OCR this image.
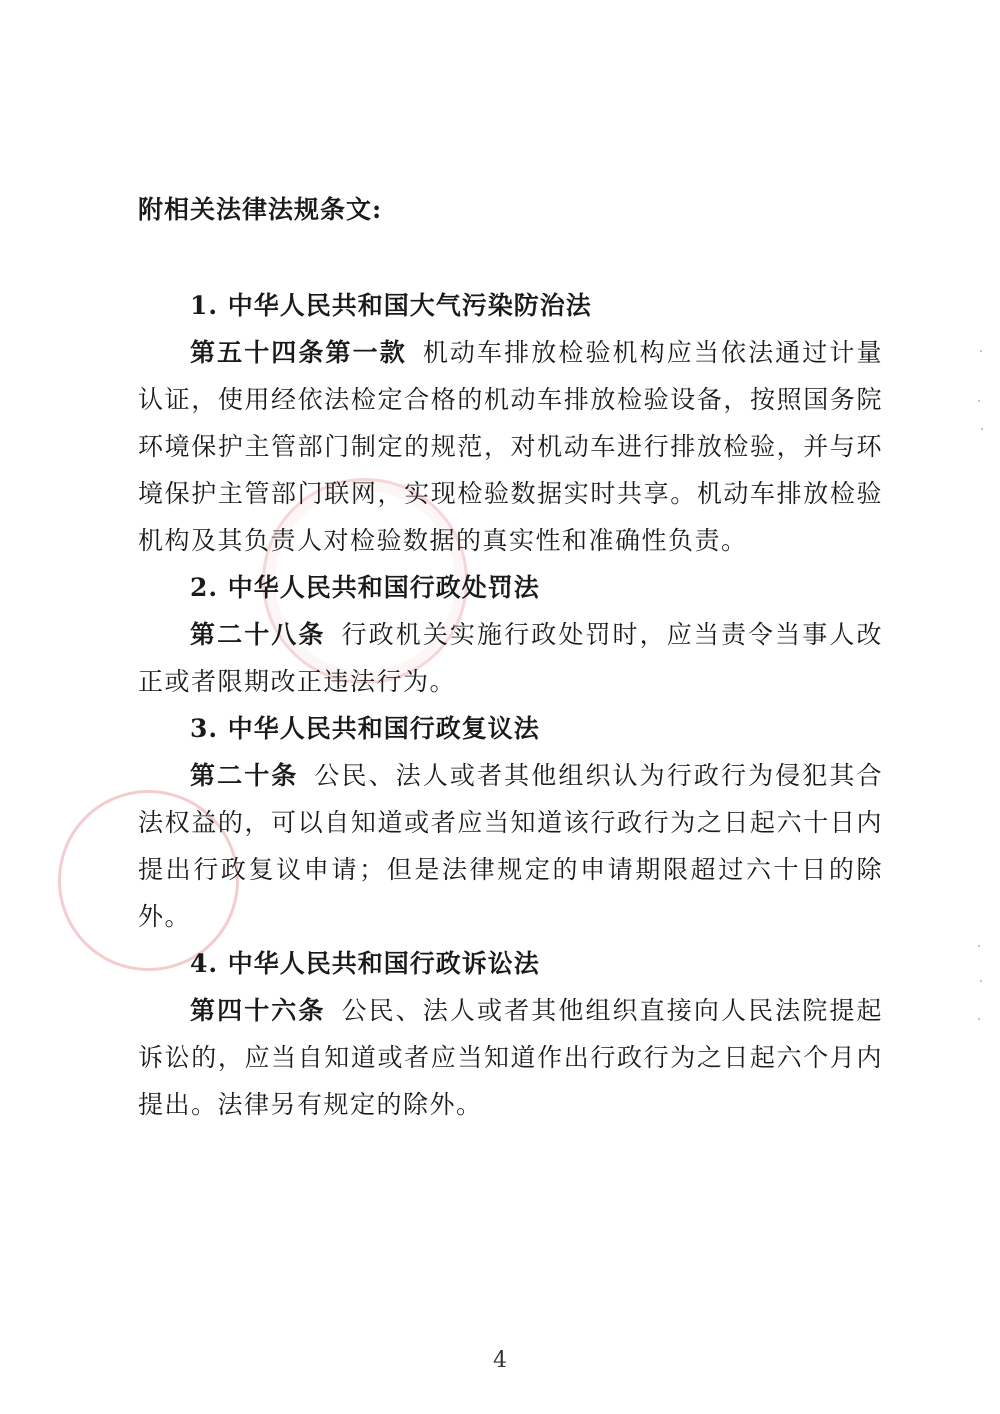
附相关法律法规条文:

1. 中华人民共和国大气污染防治法

第五十四条第一款 机动车排放检验机构应当依法通过计量认证，使用经依法检定合格的机动车排放检验设备，按照国务院环境保护主管部门制定的规范，对机动车进行排放检验，并与环境保护主管部门联网，实现检验数据实时共享。机动车排放检验机构及其负责人对检验数据的真实性和准确性负责。

2. 中华人民共和国行政处罚法

第二十八条 行政机关实施行政处罚时，应当责令当事人改正或者限期改正违法行为。

3. 中华人民共和国行政复议法

第二十条 公民、法人或者其他组织认为行政行为侵犯其合法权益的，可以自知道或者应当知道该行政行为之日起六十日内提出行政复议申请；但是法律规定的申请期限超过六十日的除外。

4. 中华人民共和国行政诉讼法

第四十六条 公民、法人或者其他组织直接向人民法院提起诉讼的，应当自知道或者应当知道作出行政行为之日起六个月内提出。法律另有规定的除外。

4
